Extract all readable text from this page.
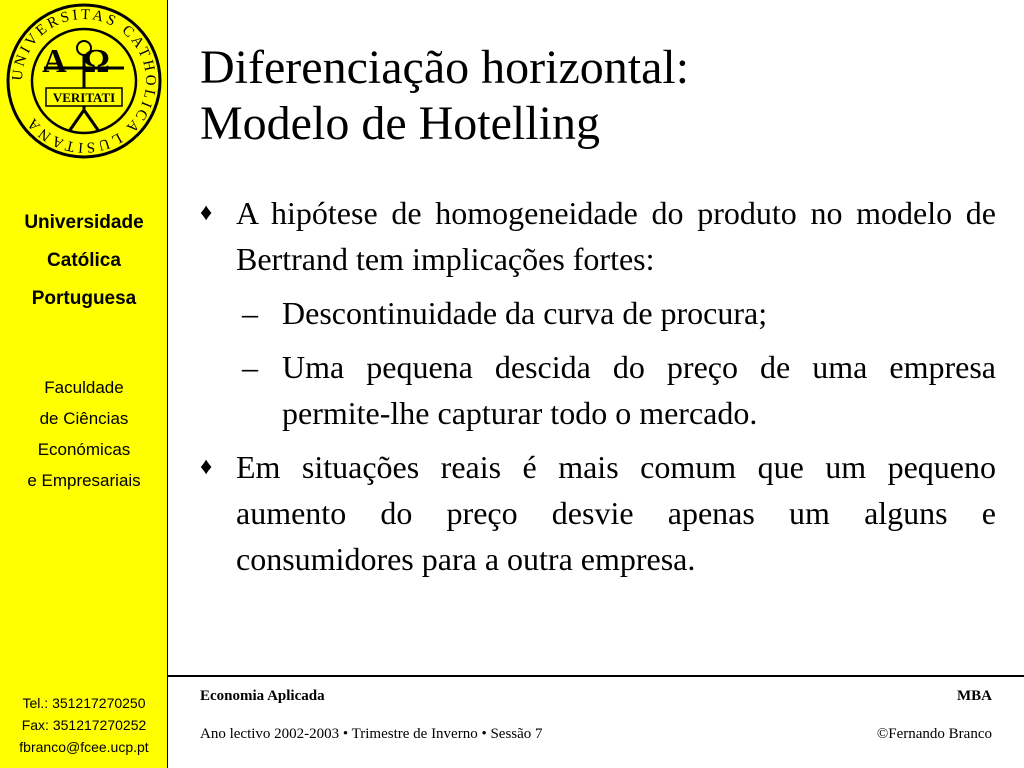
UNIVERSITAS CATHOLICA LUSITANA
AΩ
VERITATI
Universidade
Católica
Portuguesa
Faculdade
de Ciências
Económicas
e Empresariais
Tel.: 351217270250
Fax: 351217270252
fbranco@fcee.ucp.pt
Diferenciação horizontal:
Modelo de Hotelling
♦ A hipótese de homogeneidade do produto no modelo de Bertrand tem implicações fortes:
– Descontinuidade da curva de procura;
– Uma pequena descida do preço de uma empresa permite-lhe capturar todo o mercado.
♦ Em situações reais é mais comum que um pequeno aumento do preço desvie apenas um alguns e consumidores para a outra empresa.
Economia Aplicada	MBA
Ano lectivo 2002-2003 • Trimestre de Inverno • Sessão 7	©Fernando Branco
